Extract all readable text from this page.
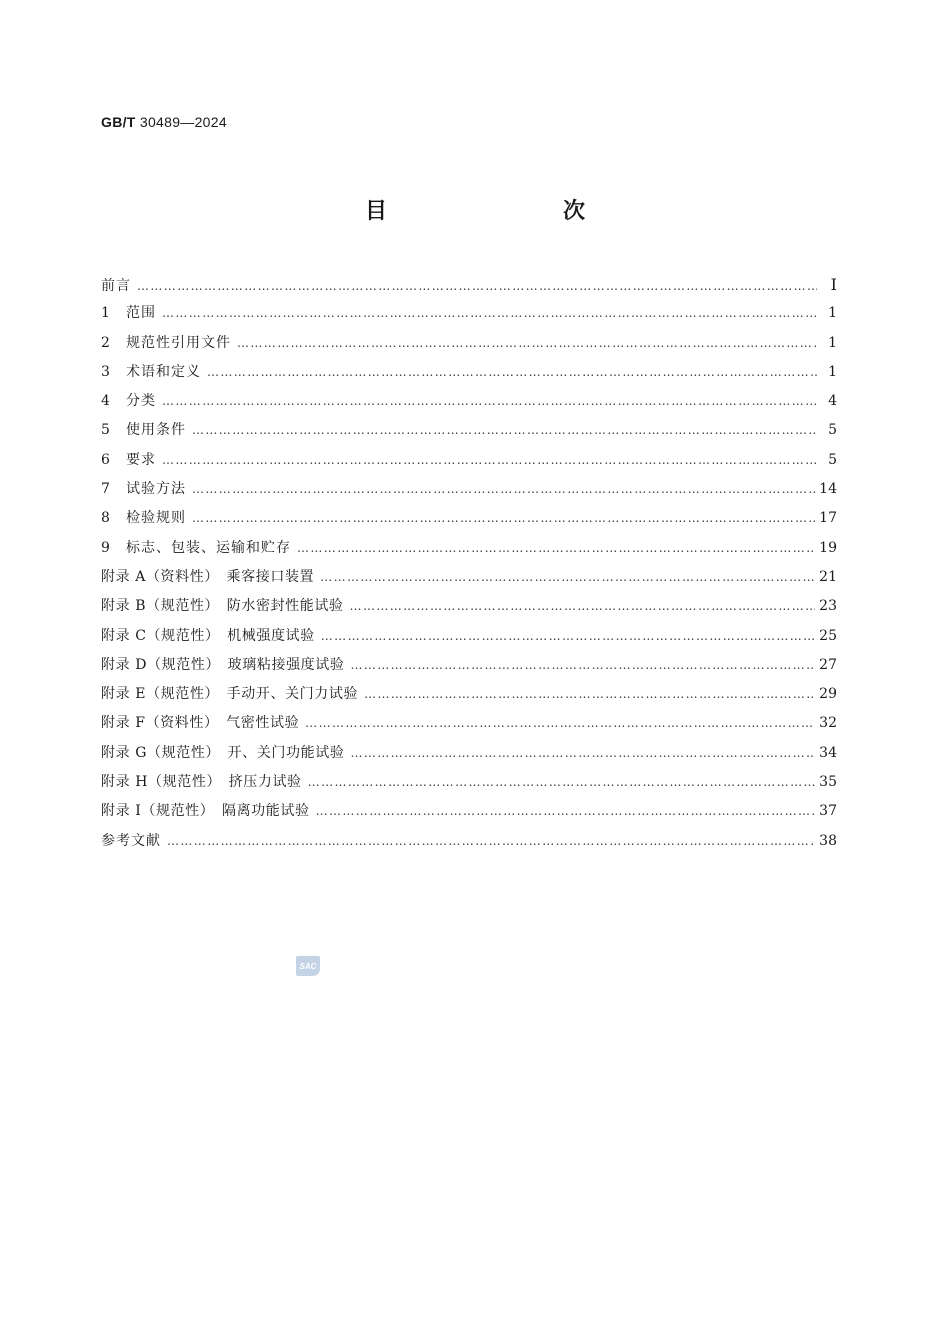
GB/T 30489—2024
目　　次
前言 …………………………………………………………………………………………………………………………………………………………………………	Ⅰ
1	范围 …………………………………………………………………………………………………………………………………………………………………………	1
2	规范性引用文件 …………………………………………………………………………………………………………………………………………………………………………	1
3	术语和定义 …………………………………………………………………………………………………………………………………………………………………………	1
4	分类 …………………………………………………………………………………………………………………………………………………………………………	4
5	使用条件 …………………………………………………………………………………………………………………………………………………………………………	5
6	要求 …………………………………………………………………………………………………………………………………………………………………………	5
7	试验方法 …………………………………………………………………………………………………………………………………………………………………………	14
8	检验规则 …………………………………………………………………………………………………………………………………………………………………………	17
9	标志、包装、运输和贮存 …………………………………………………………………………………………………………………………………………………………………………	19
附录 A（资料性）　乘客接口装置 …………………………………………………………………………………………………………………………………………………………………………	21
附录 B（规范性）　防水密封性能试验 …………………………………………………………………………………………………………………………………………………………………………	23
附录 C（规范性）　机械强度试验 …………………………………………………………………………………………………………………………………………………………………………	25
附录 D（规范性）　玻璃粘接强度试验 …………………………………………………………………………………………………………………………………………………………………………	27
附录 E（规范性）　手动开、关门力试验 …………………………………………………………………………………………………………………………………………………………………………	29
附录 F（资料性）　气密性试验 …………………………………………………………………………………………………………………………………………………………………………	32
附录 G（规范性）　开、关门功能试验 …………………………………………………………………………………………………………………………………………………………………………	34
附录 H（规范性）　挤压力试验 …………………………………………………………………………………………………………………………………………………………………………	35
附录 I（规范性）　隔离功能试验 …………………………………………………………………………………………………………………………………………………………………………	37
参考文献 …………………………………………………………………………………………………………………………………………………………………………	38
SAC
